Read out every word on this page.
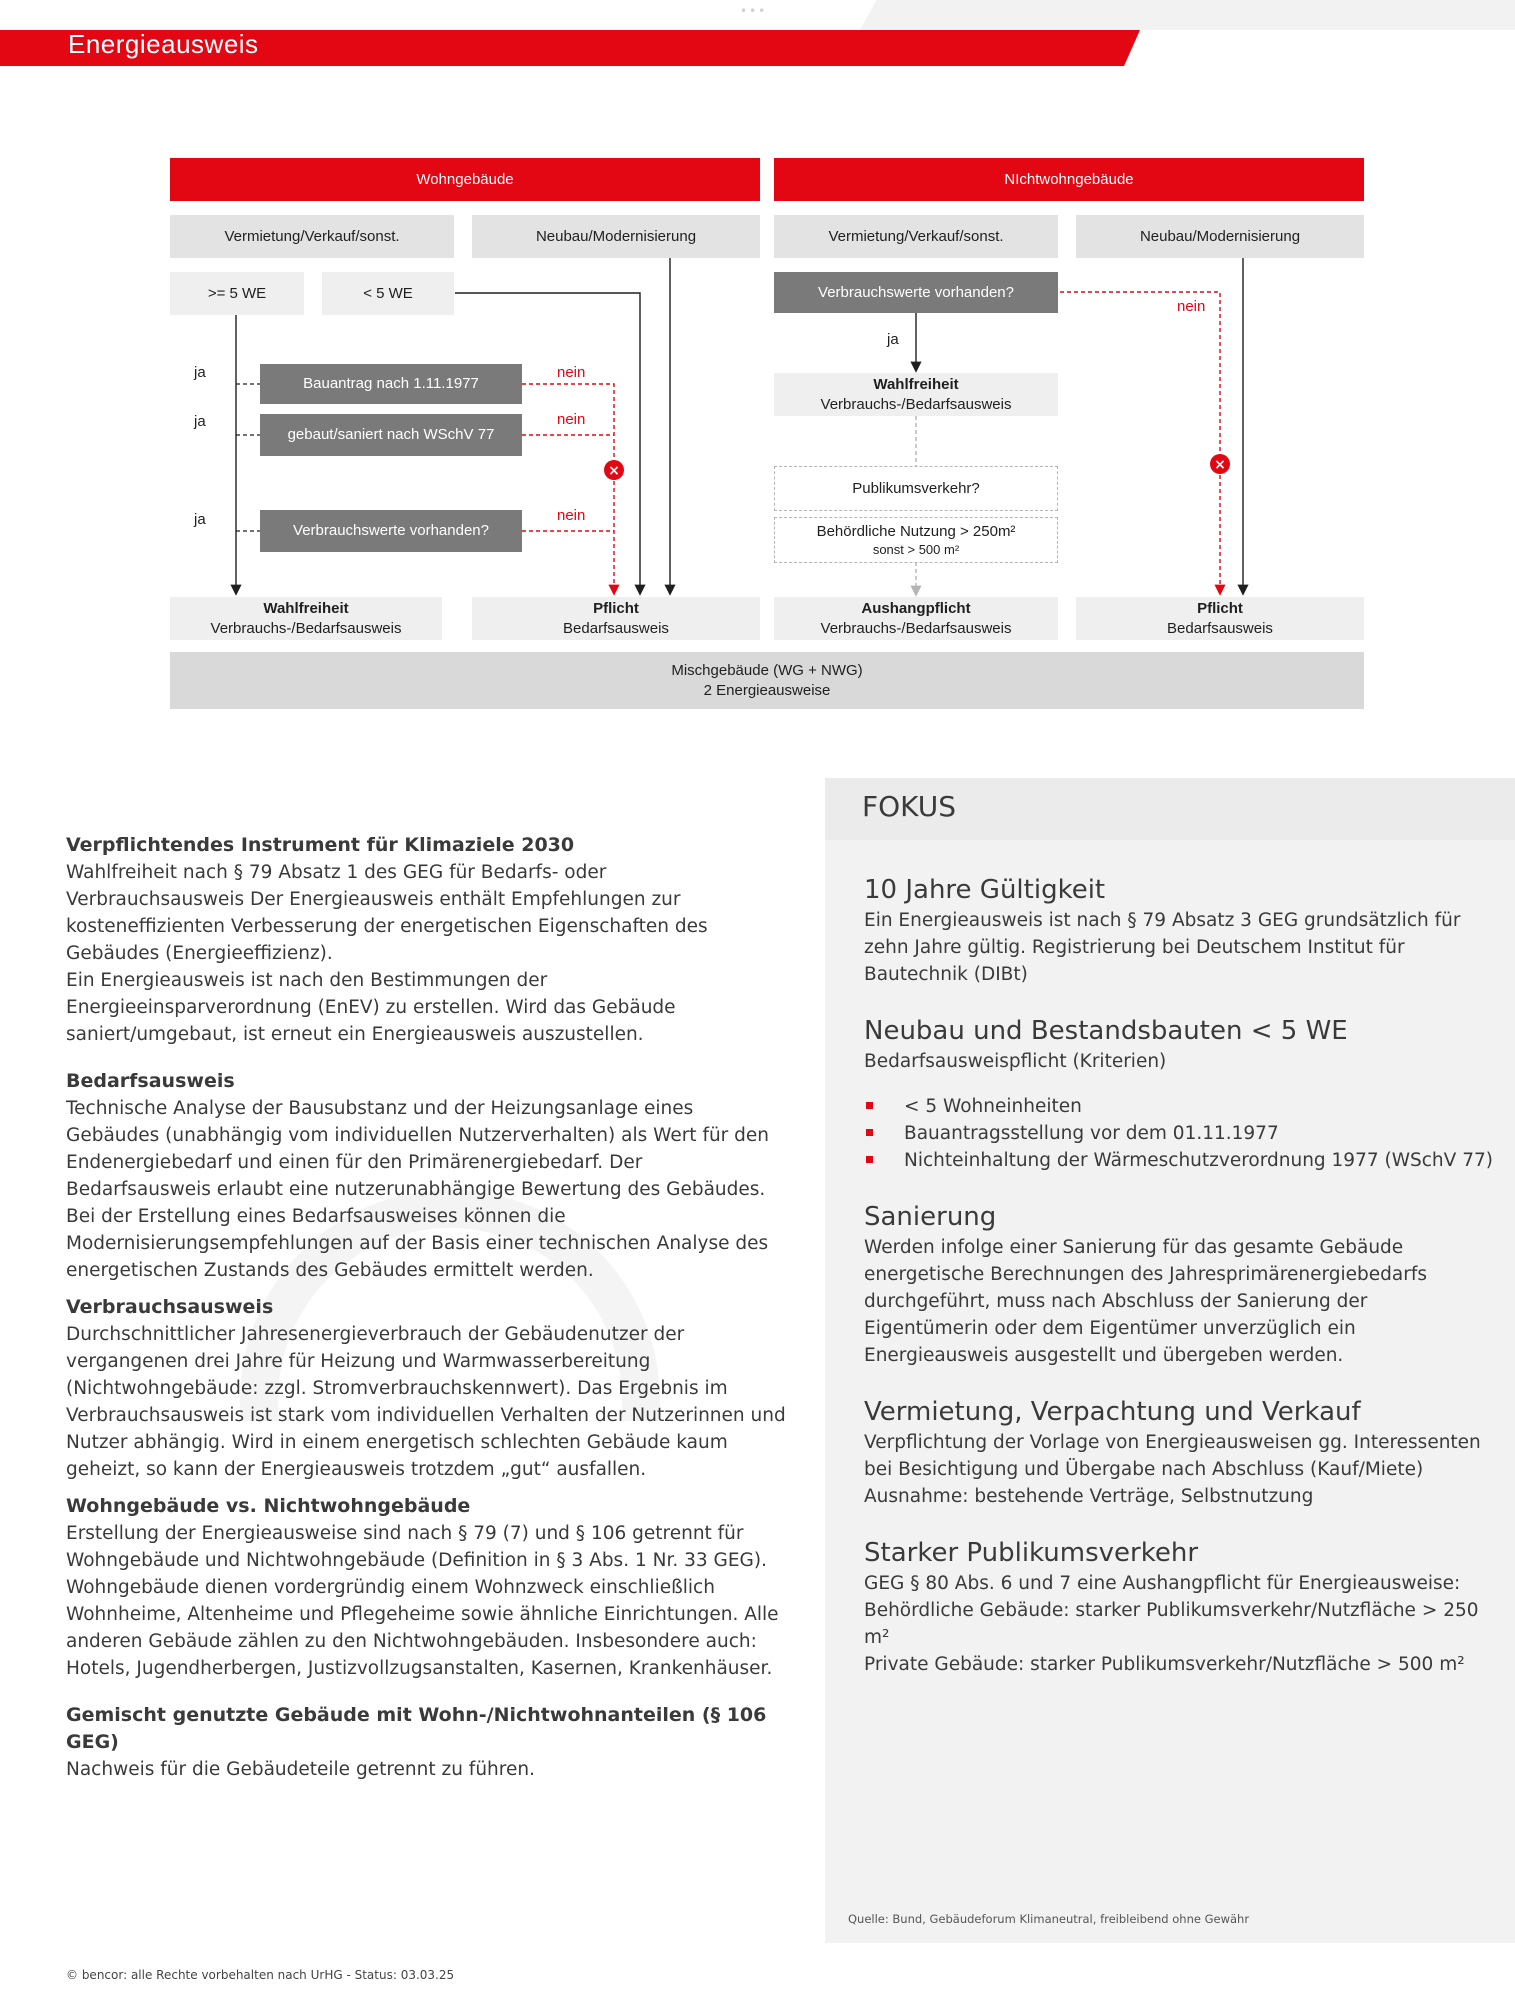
•••
Energieausweis
×	×
Wohngebäude	NIchtwohngebäude
Vermietung/Verkauf/sonst.	Neubau/Modernisierung	Vermietung/Verkauf/sonst.	Neubau/Modernisierung
>= 5 WE	< 5 WE
ja
ja
ja
Bauantrag nach 1.11.1977
gebaut/saniert nach WSchV 77
Verbrauchswerte vorhanden?
nein
nein
nein
Verbrauchswerte vorhanden?
ja
nein
Wahlfreiheit
Verbrauchs-/Bedarfsausweis
Publikumsverkehr?
Behördliche Nutzung > 250m²
sonst > 500 m²
Wahlfreiheit
Verbrauchs-/Bedarfsausweis
Pflicht
Bedarfsausweis
Aushangpflicht
Verbrauchs-/Bedarfsausweis
Pflicht
Bedarfsausweis
Mischgebäude (WG + NWG)
2 Energieausweise
Verpflichtendes Instrument für Klimaziele 2030

Wahlfreiheit nach § 79 Absatz 1 des GEG für Bedarfs- oder Verbrauchsausweis Der Energieausweis enthält Empfehlungen zur kosteneffizienten Verbesserung der energetischen Eigenschaften des Gebäudes (Energieeffizienz).

Ein Energieausweis ist nach den Bestimmungen der Energieeinsparverordnung (EnEV) zu erstellen. Wird das Gebäude saniert/umgebaut, ist erneut ein Energieausweis auszustellen.

Bedarfsausweis

Technische Analyse der Bausubstanz und der Heizungsanlage eines Gebäudes (unabhängig vom individuellen Nutzerverhalten) als Wert für den Endenergiebedarf und einen für den Primärenergiebedarf. Der Bedarfsausweis erlaubt eine nutzerunabhängige Bewertung des Gebäudes. Bei der Erstellung eines Bedarfsausweises können die Modernisierungsempfehlungen auf der Basis einer technischen Analyse des energetischen Zustands des Gebäudes ermittelt werden.

Verbrauchsausweis

Durchschnittlicher Jahresenergieverbrauch der Gebäudenutzer der vergangenen drei Jahre für Heizung und Warmwasserbereitung (Nichtwohngebäude: zzgl. Stromverbrauchskennwert). Das Ergebnis im Verbrauchsausweis ist stark vom individuellen Verhalten der Nutzerinnen und Nutzer abhängig. Wird in einem energetisch schlechten Gebäude kaum geheizt, so kann der Energieausweis trotzdem „gut“ ausfallen.

Wohngebäude vs. Nichtwohngebäude

Erstellung der Energieausweise sind nach § 79 (7) und § 106 getrennt für Wohngebäude und Nichtwohngebäude (Definition in § 3 Abs. 1 Nr. 33 GEG). Wohngebäude dienen vordergründig einem Wohnzweck einschließlich Wohnheime, Altenheime und Pflegeheime sowie ähnliche Einrichtungen. Alle anderen Gebäude zählen zu den Nichtwohngebäuden. Insbesondere auch: Hotels, Jugendherbergen, Justizvollzugsanstalten, Kasernen, Krankenhäuser.

Gemischt genutzte Gebäude mit Wohn-/Nichtwohnanteilen (§ 106 GEG)

Nachweis für die Gebäudeteile getrennt zu führen.

FOKUS
10 Jahre Gültigkeit

Ein Energieausweis ist nach § 79 Absatz 3 GEG grundsätzlich für zehn Jahre gültig. Registrierung bei Deutschem Institut für Bautechnik (DIBt)

Neubau und Bestandsbauten < 5 WE

Bedarfsausweispflicht (Kriterien)

< 5 Wohneinheiten
Bauantragsstellung vor dem 01.11.1977
Nichteinhaltung der Wärmeschutzverordnung 1977 (WSchV 77)
Sanierung

Werden infolge einer Sanierung für das gesamte Gebäude energetische Berechnungen des Jahresprimärenergiebedarfs durchgeführt, muss nach Abschluss der Sanierung der Eigentümerin oder dem Eigentümer unverzüglich ein Energieausweis ausgestellt und übergeben werden.

Vermietung, Verpachtung und Verkauf

Verpflichtung der Vorlage von Energieausweisen gg. Interessenten bei Besichtigung und Übergabe nach Abschluss (Kauf/Miete) Ausnahme: bestehende Verträge, Selbstnutzung

Starker Publikumsverkehr

GEG § 80 Abs. 6 und 7 eine Aushangpflicht für Energieausweise:

Behördliche Gebäude: starker Publikumsverkehr/Nutzfläche > 250 m²

Private Gebäude: starker Publikumsverkehr/Nutzfläche > 500 m²

Quelle: Bund, Gebäudeforum Klimaneutral, freibleibend ohne Gewähr
© bencor: alle Rechte vorbehalten nach UrHG - Status: 03.03.25
